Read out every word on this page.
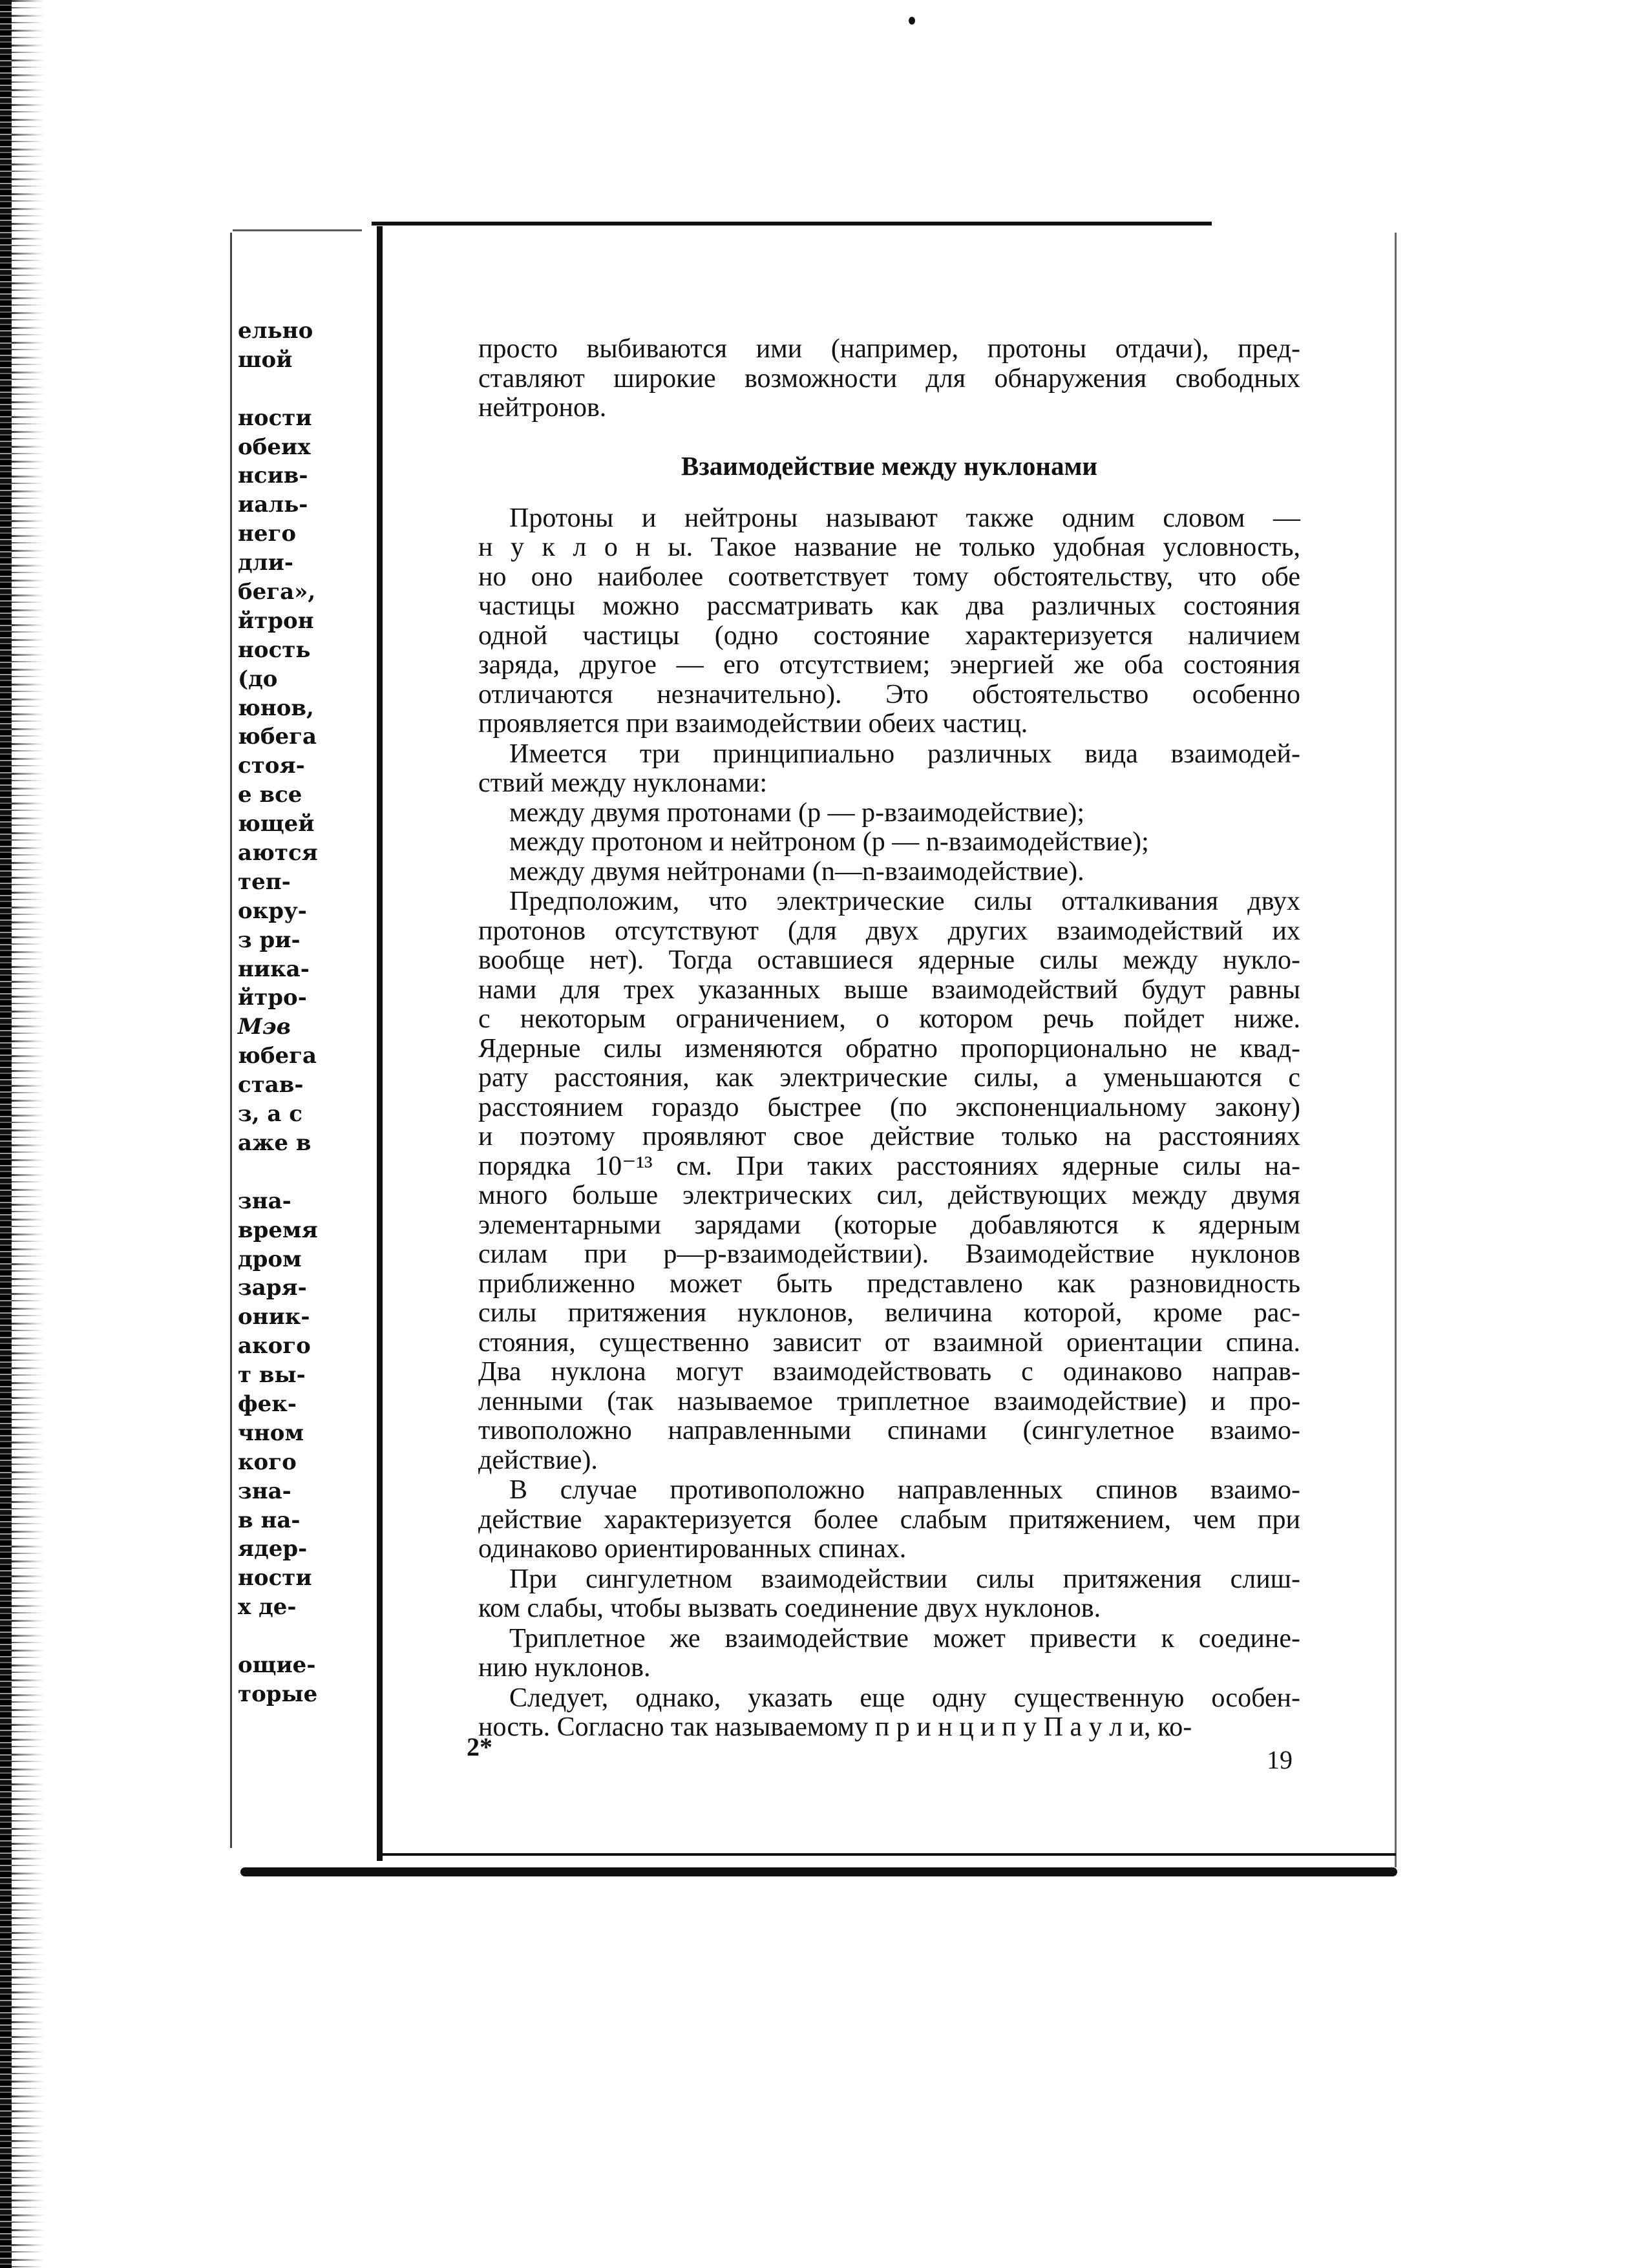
ельно
шой
ности
обеих
нсив-
иаль-
него
дли-
бега»,
йтрон
ность
(до
юнов,
юбега
стоя-
е все
ющей
аются
теп-
окру-
з ри-
ника-
йтро-
Мэв
юбега
став-
з, а с
аже в
зна-
время
дром
заря-
оник-
акого
т вы-
фек-
чном
кого
зна-
в на-
ядер-
ности
х де-
ощие-
торые
просто выбиваются ими (например, протоны отдачи), пред-
ставляют широкие возможности для обнаружения свободных
нейтронов.
Взаимодействие между нуклонами
Протоны и нейтроны называют также одним словом —
н у к л о н ы. Такое название не только удобная условность,
но оно наиболее соответствует тому обстоятельству, что обе
частицы можно рассматривать как два различных состояния
одной частицы (одно состояние характеризуется наличием
заряда, другое — его отсутствием; энергией же оба состояния
отличаются незначительно). Это обстоятельство особенно
проявляется при взаимодействии обеих частиц.
Имеется три принципиально различных вида взаимодей-
ствий между нуклонами:
между двумя протонами (p — p-взаимодействие);
между протоном и нейтроном (p — n-взаимодействие);
между двумя нейтронами (n—n-взаимодействие).
Предположим, что электрические силы отталкивания двух
протонов отсутствуют (для двух других взаимодействий их
вообще нет). Тогда оставшиеся ядерные силы между нукло-
нами для трех указанных выше взаимодействий будут равны
с некоторым ограничением, о котором речь пойдет ниже.
Ядерные силы изменяются обратно пропорционально не квад-
рату расстояния, как электрические силы, а уменьшаются с
расстоянием гораздо быстрее (по экспоненциальному закону)
и поэтому проявляют свое действие только на расстояниях
порядка 10⁻¹³ см. При таких расстояниях ядерные силы на-
много больше электрических сил, действующих между двумя
элементарными зарядами (которые добавляются к ядерным
силам при p—p-взаимодействии). Взаимодействие нуклонов
приближенно может быть представлено как разновидность
силы притяжения нуклонов, величина которой, кроме рас-
стояния, существенно зависит от взаимной ориентации спина.
Два нуклона могут взаимодействовать с одинаково направ-
ленными (так называемое триплетное взаимодействие) и про-
тивоположно направленными спинами (сингулетное взаимо-
действие).
В случае противоположно направленных спинов взаимо-
действие характеризуется более слабым притяжением, чем при
одинаково ориентированных спинах.
При сингулетном взаимодействии силы притяжения слиш-
ком слабы, чтобы вызвать соединение двух нуклонов.
Триплетное же взаимодействие может привести к соедине-
нию нуклонов.
Следует, однако, указать еще одну существенную особен-
ность. Согласно так называемому п р и н ц и п у П а у л и, ко-
2*	19
